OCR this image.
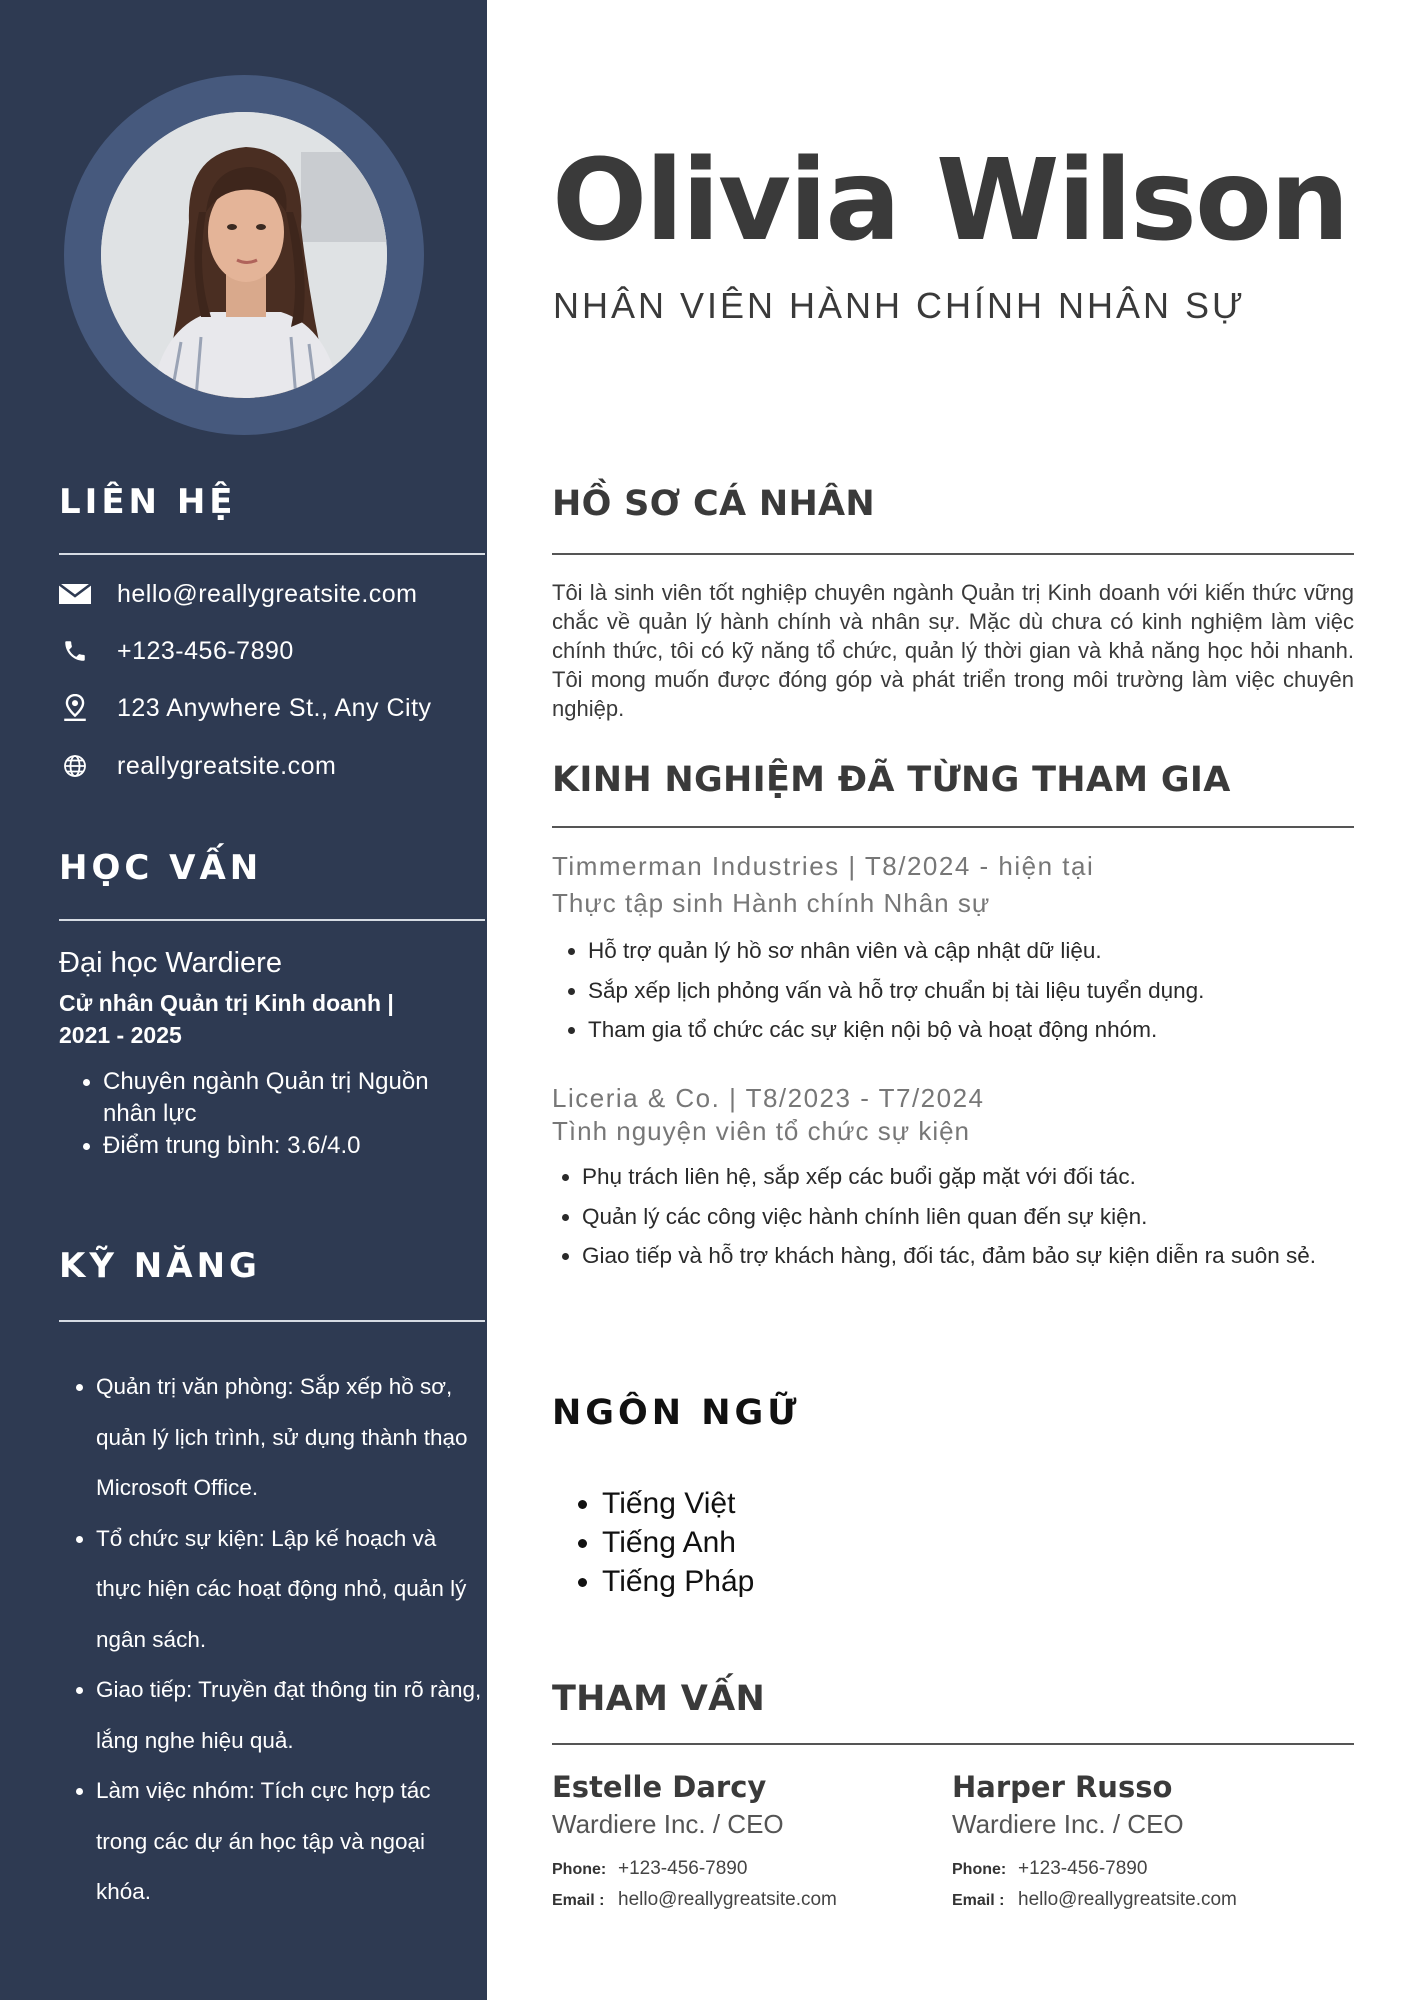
LIÊN HỆ
hello@reallygreatsite.com
+123-456-7890
123 Anywhere St., Any City
reallygreatsite.com
HỌC VẤN
Đại học Wardiere
Cử nhân Quản trị Kinh doanh | 2021 - 2025
• Chuyên ngành Quản trị Nguồn nhân lực
• Điểm trung bình: 3.6/4.0
KỸ NĂNG
• Quản trị văn phòng: Sắp xếp hồ sơ, quản lý lịch trình, sử dụng thành thạo Microsoft Office.
• Tổ chức sự kiện: Lập kế hoạch và thực hiện các hoạt động nhỏ, quản lý ngân sách.
• Giao tiếp: Truyền đạt thông tin rõ ràng, lắng nghe hiệu quả.
• Làm việc nhóm: Tích cực hợp tác trong các dự án học tập và ngoại khóa.
Olivia Wilson
NHÂN VIÊN HÀNH CHÍNH NHÂN SỰ
HỒ SƠ CÁ NHÂN

Tôi là sinh viên tốt nghiệp chuyên ngành Quản trị Kinh doanh với kiến thức vững chắc về quản lý hành chính và nhân sự. Mặc dù chưa có kinh nghiệm làm việc chính thức, tôi có kỹ năng tổ chức, quản lý thời gian và khả năng học hỏi nhanh. Tôi mong muốn được đóng góp và phát triển trong môi trường làm việc chuyên nghiệp.

KINH NGHIỆM ĐÃ TỪNG THAM GIA
Timmerman Industries | T8/2024 - hiện tại
Thực tập sinh Hành chính Nhân sự
• Hỗ trợ quản lý hồ sơ nhân viên và cập nhật dữ liệu.
• Sắp xếp lịch phỏng vấn và hỗ trợ chuẩn bị tài liệu tuyển dụng.
• Tham gia tổ chức các sự kiện nội bộ và hoạt động nhóm.
Liceria & Co. | T8/2023 - T7/2024
Tình nguyện viên tổ chức sự kiện
• Phụ trách liên hệ, sắp xếp các buổi gặp mặt với đối tác.
• Quản lý các công việc hành chính liên quan đến sự kiện.
• Giao tiếp và hỗ trợ khách hàng, đối tác, đảm bảo sự kiện diễn ra suôn sẻ.
NGÔN NGỮ
• Tiếng Việt
• Tiếng Anh
• Tiếng Pháp
THAM VẤN
Estelle Darcy
Wardiere Inc. / CEO
Phone: +123-456-7890
Email : hello@reallygreatsite.com
Harper Russo
Wardiere Inc. / CEO
Phone: +123-456-7890
Email : hello@reallygreatsite.com
